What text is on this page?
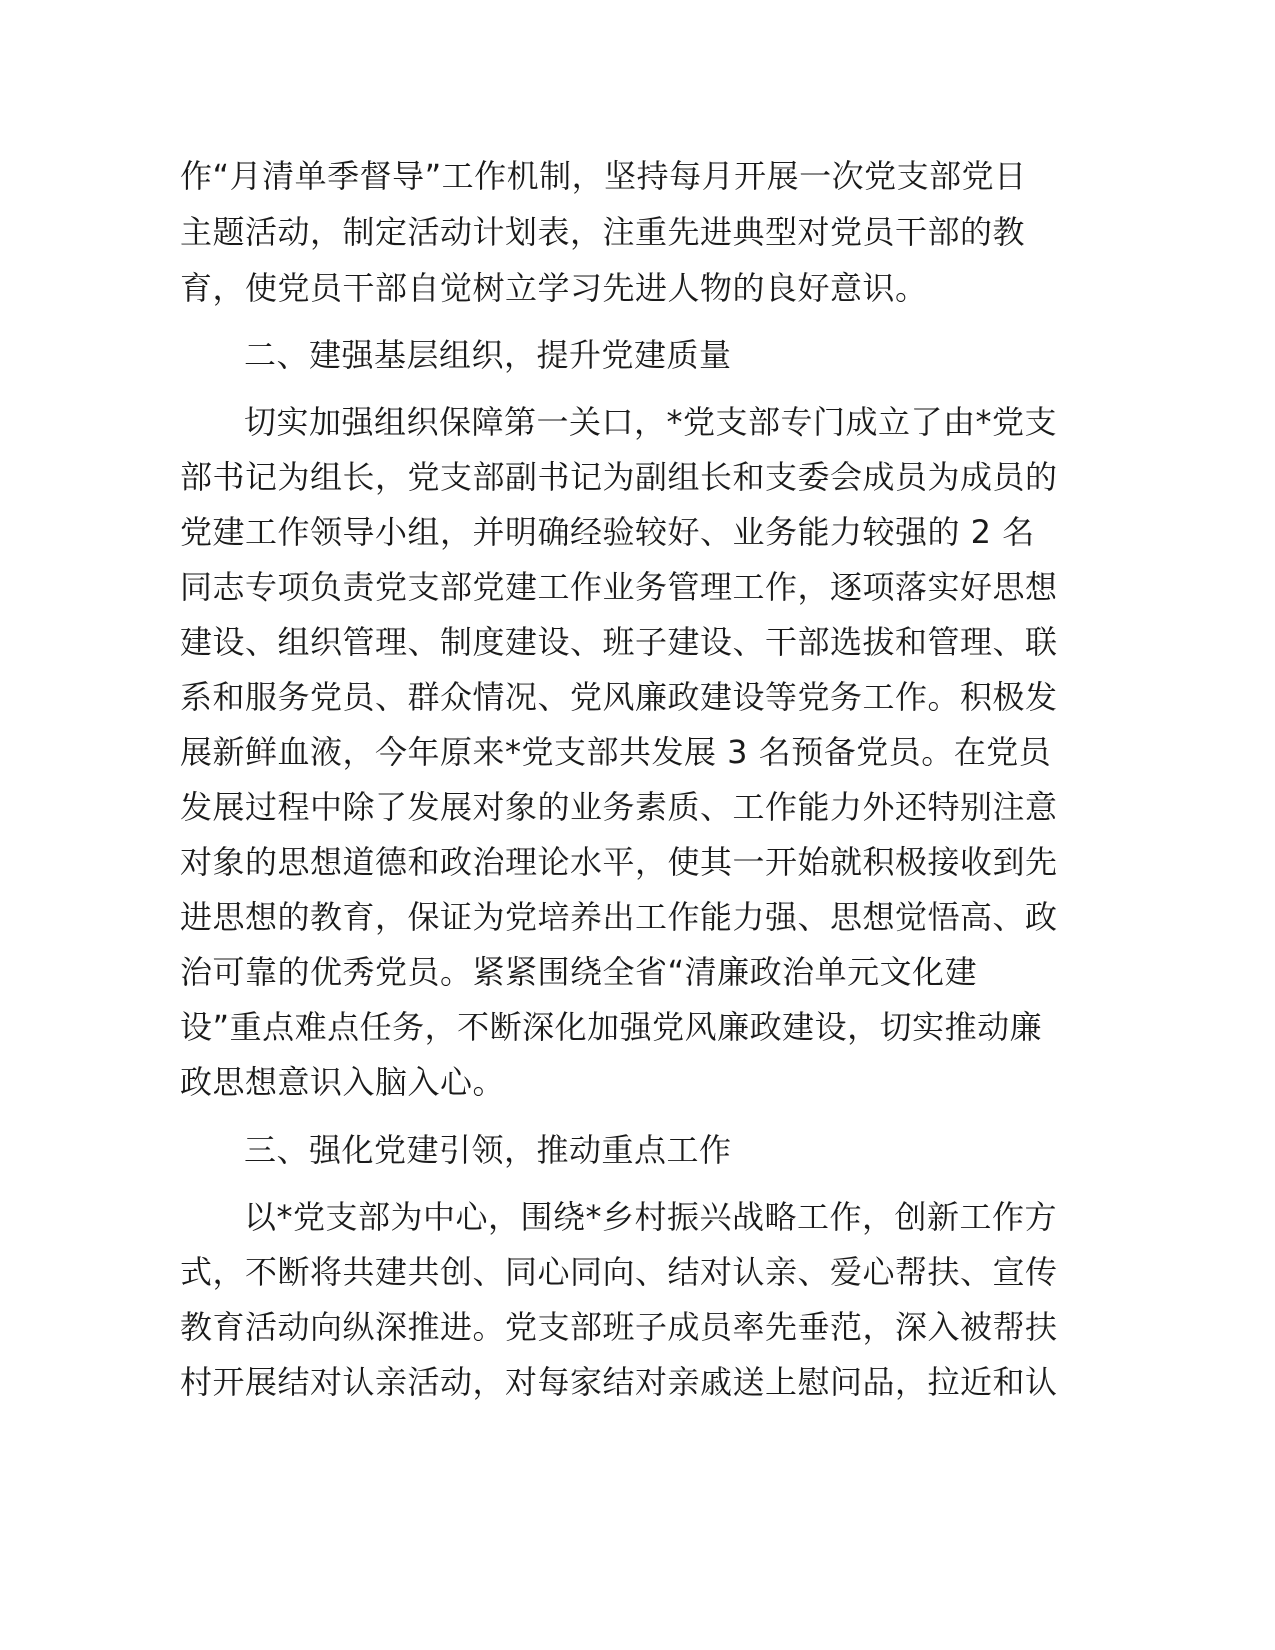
作“月清单季督导”工作机制，坚持每月开展一次党支部党日
主题活动，制定活动计划表，注重先进典型对党员干部的教
育，使党员干部自觉树立学习先进人物的良好意识。
二、建强基层组织，提升党建质量
切实加强组织保障第一关口，*党支部专门成立了由*党支
部书记为组长，党支部副书记为副组长和支委会成员为成员的
党建工作领导小组，并明确经验较好、业务能力较强的 2 名
同志专项负责党支部党建工作业务管理工作，逐项落实好思想
建设、组织管理、制度建设、班子建设、干部选拔和管理、联
系和服务党员、群众情况、党风廉政建设等党务工作。积极发
展新鲜血液，今年原来*党支部共发展 3 名预备党员。在党员
发展过程中除了发展对象的业务素质、工作能力外还特别注意
对象的思想道德和政治理论水平，使其一开始就积极接收到先
进思想的教育，保证为党培养出工作能力强、思想觉悟高、政
治可靠的优秀党员。紧紧围绕全省“清廉政治单元文化建
设”重点难点任务，不断深化加强党风廉政建设，切实推动廉
政思想意识入脑入心。
三、强化党建引领，推动重点工作
以*党支部为中心，围绕*乡村振兴战略工作，创新工作方
式，不断将共建共创、同心同向、结对认亲、爱心帮扶、宣传
教育活动向纵深推进。党支部班子成员率先垂范，深入被帮扶
村开展结对认亲活动，对每家结对亲戚送上慰问品，拉近和认
